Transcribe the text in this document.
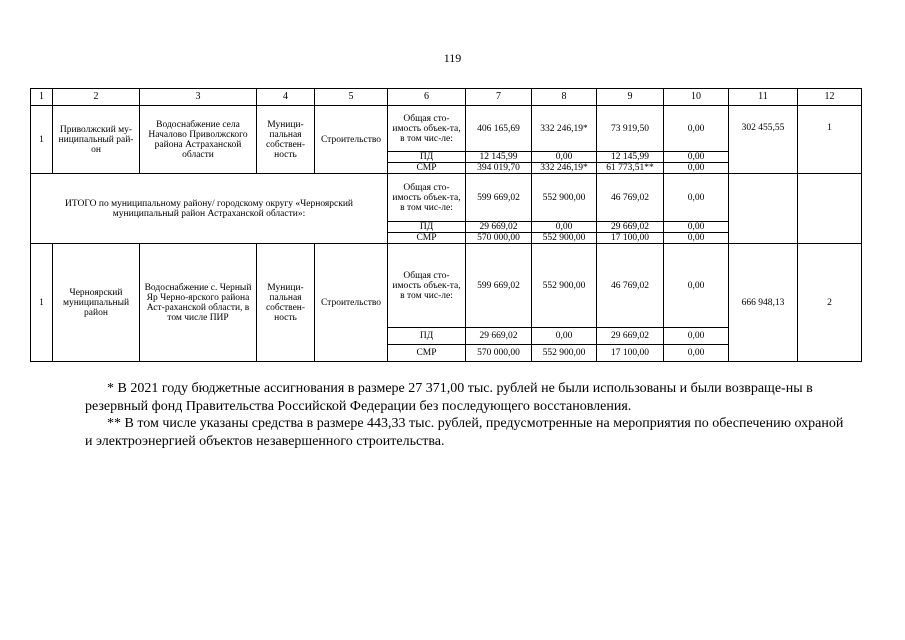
119
1	2	3	4	5	6	7	8	9	10	11	12
1	Приволжский му-ниципальный рай-он	Водоснабжение села Началово Приволжского района Астраханской области	Муници-пальная собствен-ность	Строительство	Общая сто-имость объек-та, в том чис-ле:	406 165,69	332 246,19*	73 919,50	0,00	302 455,55	1
					ПД	12 145,99	0,00	12 145,99	0,00		
					СМР	394 019,70	332 246,19*	61 773,51**	0,00		
ИТОГО по муниципальному району/ городскому округу «Черноярский муниципальный район Астраханской области»:					Общая сто-имость объек-та, в том чис-ле:	599 669,02	552 900,00	46 769,02	0,00		
					ПД	29 669,02	0,00	29 669,02	0,00		
					СМР	570 000,00	552 900,00	17 100,00	0,00		
1	Черноярский муниципальный район	Водоснабжение с. Черный Яр Черно-ярского района Аст-раханской области, в том числе ПИР	Муници-пальная собствен-ность	Строительство	Общая сто-имость объек-та, в том чис-ле:	599 669,02	552 900,00	46 769,02	0,00	666 948,13	2
					ПД	29 669,02	0,00	29 669,02	0,00		
					СМР	570 000,00	552 900,00	17 100,00	0,00		

* В 2021 году бюджетные ассигнования в размере 27 371,00 тыс. рублей не были использованы и были возвраще-ны в резервный фонд Правительства Российской Федерации без последующего восстановления.

** В том числе указаны средства в размере 443,33 тыс. рублей, предусмотренные на мероприятия по обеспечению охраной и электроэнергией объектов незавершенного строительства.
